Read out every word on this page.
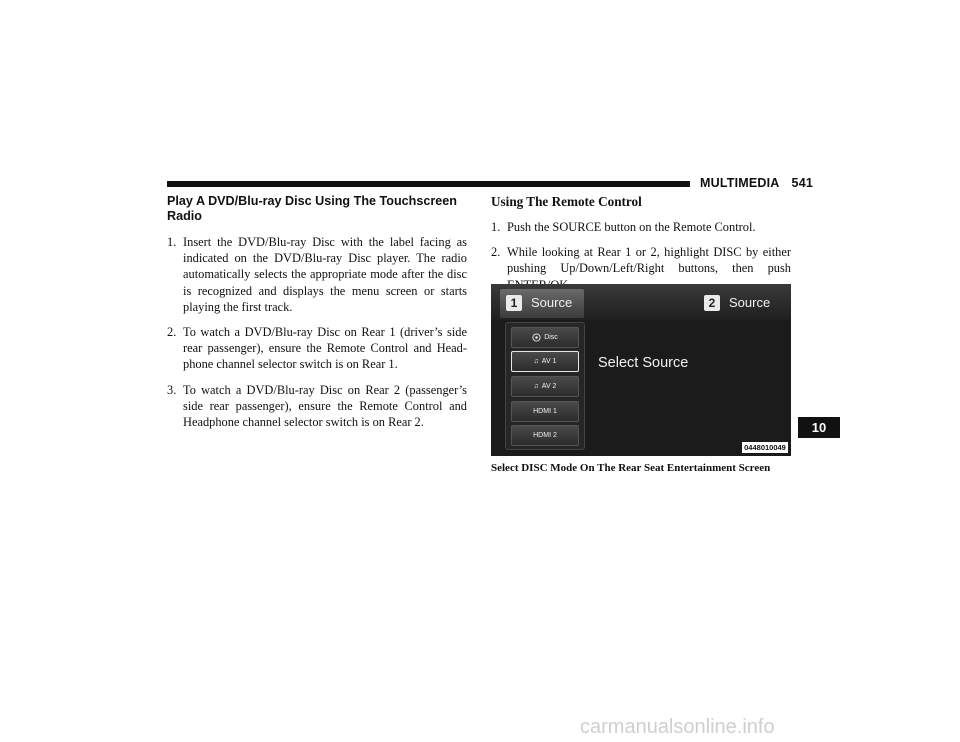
MULTIMEDIA 541
10
Play A DVD/Blu-ray Disc Using The Touchscreen Radio

1. Insert the DVD/Blu-ray Disc with the label facing as indicated on the DVD/Blu-ray Disc player. The radio automatically selects the appropriate mode after the disc is recognized and displays the menu screen or starts playing the first track.

2. To watch a DVD/Blu-ray Disc on Rear 1 (driver’s side rear passenger), ensure the Remote Control and Headphone channel selector switch is on Rear 1.

3. To watch a DVD/Blu-ray Disc on Rear 2 (passenger’s side rear passenger), ensure the Remote Control and Headphone channel selector switch is on Rear 2.

Using The Remote Control

1. Push the SOURCE button on the Remote Control.

2. While looking at Rear 1 or 2, highlight DISC by either pushing Up/Down/Left/Right buttons, then push

1	Source	2	Source
Disc
♫ AV 1
♫ AV 2
HDMI 1
HDMI 2
Select Source
0448010049
Select DISC Mode On The Rear Seat Entertainment Screen
carmanualsonline.info
